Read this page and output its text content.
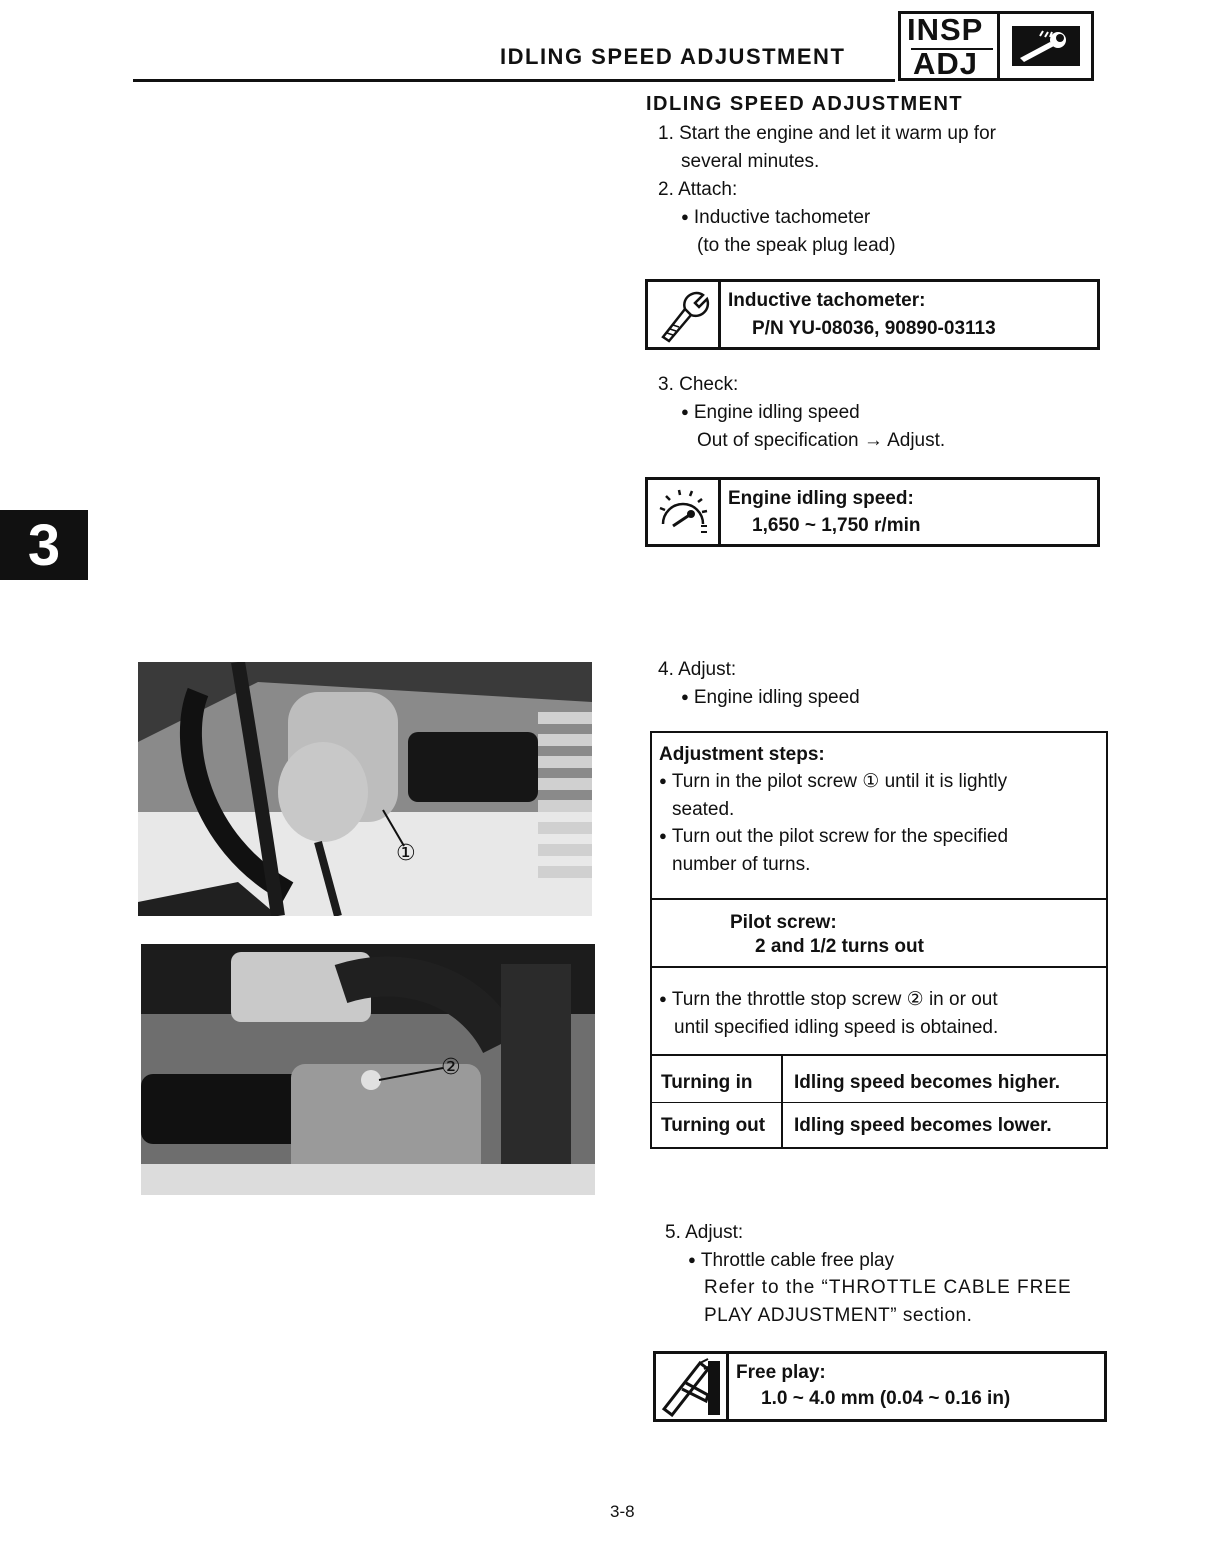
IDLING SPEED ADJUSTMENT
INSP
ADJ
3
IDLING SPEED ADJUSTMENT
1. Start the engine and let it warm up for
several minutes.
2. Attach:
● Inductive tachometer
(to the speak plug lead)
Inductive tachometer:
P/N YU-08036, 90890-03113
3. Check:
● Engine idling speed
Out of specification → Adjust.
Engine idling speed:
1,650 ~ 1,750 r/min
①
②
4. Adjust:
● Engine idling speed
Adjustment steps:
● Turn in the pilot screw ① until it is lightly
seated.
● Turn out the pilot screw for the specified
number of turns.
Pilot screw:
2 and 1/2 turns out
● Turn the throttle stop screw ② in or out
until specified idling speed is obtained.
Turning in Idling speed becomes higher.
Turning out Idling speed becomes lower.
5. Adjust:
● Throttle cable free play
Refer to the “THROTTLE CABLE FREE
PLAY ADJUSTMENT” section.
Free play:
1.0 ~ 4.0 mm (0.04 ~ 0.16 in)
3-8
